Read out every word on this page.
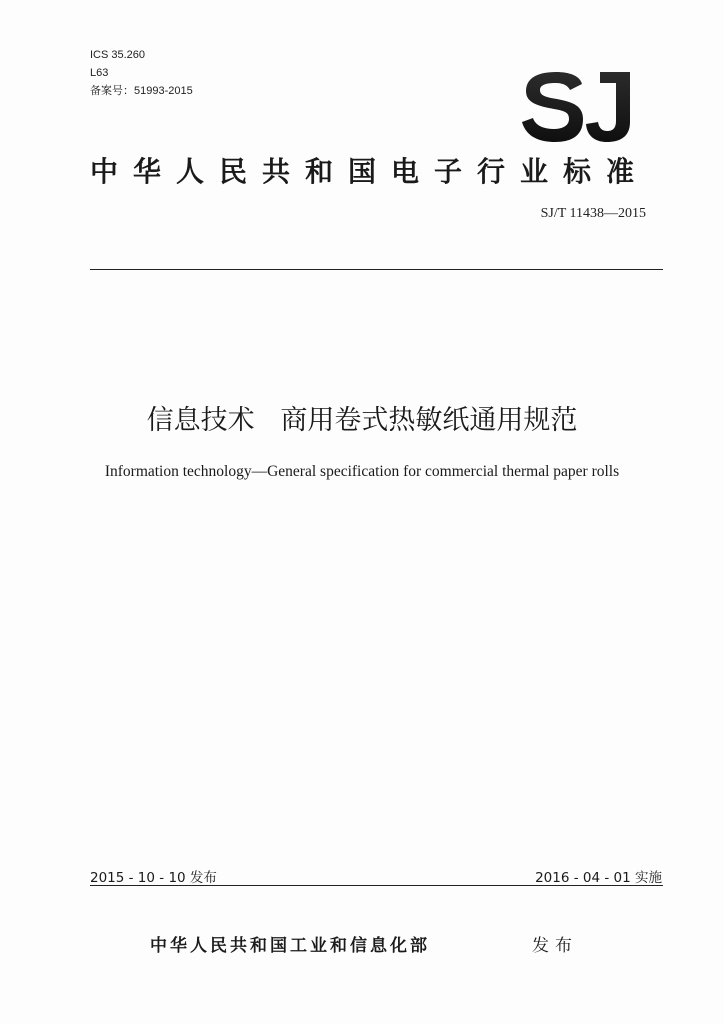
ICS 35.260
L63
备案号：51993-2015
中华人民共和国电子行业标准
SJ/T 11438—2015
信息技术   商用卷式热敏纸通用规范
Information technology—General specification for commercial thermal paper rolls
2015 - 10 - 10 发布	2016 - 04 - 01 实施
中华人民共和国工业和信息化部	发布
